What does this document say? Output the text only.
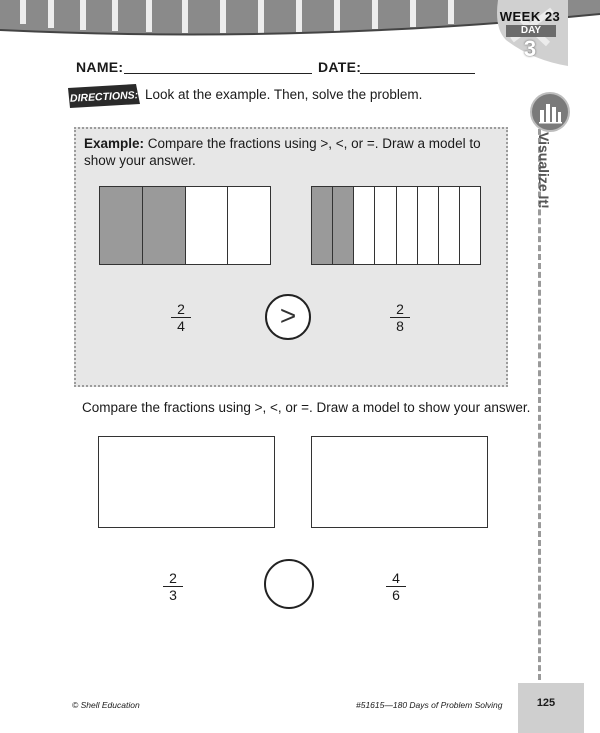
WEEK 23
DAY
3
NAME:	DATE:
DIRECTIONS: Look at the example. Then, solve the problem.
Visualize It!
Example: Compare the fractions using >, <, or =. Draw a model to show your answer.
$\frac{2}{4}$	>	$\frac{2}{8}$
Compare the fractions using >, <, or =. Draw a model to show your answer.
$\frac{2}{3}$	$\frac{4}{6}$
© Shell Education	#51615—180 Days of Problem Solving	125
